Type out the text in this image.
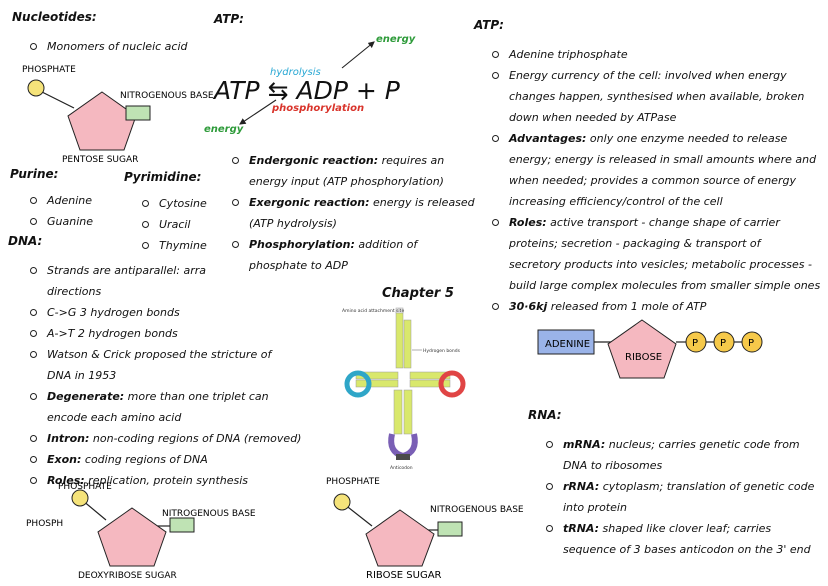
Nucleotides:
Monomers of nucleic acid
PHOSPHATE
NITROGENOUS BASE
PENTOSE SUGAR
Purine:
Adenine
Guanine
Pyrimidine:
Cytosine
Uracil
Thymine
DNA:
Strands are antiparallel: arra
directions
C->G 3 hydrogen bonds
A->T 2 hydrogen bonds
Watson & Crick proposed the stricture of
DNA in 1953
Degenerate: more than one triplet can
encode each amino acid
Intron: non-coding regions of DNA (removed)
Exon: coding regions of DNA
Roles: replication, protein synthesis
PHOSPHATE
PHOSPH
NITROGENOUS BASE
DEOXYRIBOSE SUGAR
ATP:
energy
hydrolysis
ATP ⇆ ADP + P
phosphorylation
energy
Endergonic reaction: requires an
energy input (ATP phosphorylation)
Exergonic reaction: energy is released
(ATP hydrolysis)
Phosphorylation: addition of
phosphate to ADP
Chapter 5
Amino acid attachment site
Hydrogen bonds
Anticodon
PHOSPHATE
NITROGENOUS BASE
RIBOSE SUGAR
ATP:
Adenine triphosphate
Energy currency of the cell: involved when energy
changes happen, synthesised when available, broken
down when needed by ATPase
Advantages: only one enzyme needed to release
energy; energy is released in small amounts where and
when needed; provides a common source of energy
increasing efficiency/control of the cell
Roles: active transport - change shape of carrier
proteins; secretion - packaging & transport of
secretory products into vesicles; metabolic processes -
build large complex molecules from smaller simple ones
30·6kj released from 1 mole of ATP
ADENINE
RIBOSE
P P P
RNA:
mRNA: nucleus; carries genetic code from
DNA to ribosomes
rRNA: cytoplasm; translation of genetic code
into protein
tRNA: shaped like clover leaf; carries
sequence of 3 bases anticodon on the 3' end
